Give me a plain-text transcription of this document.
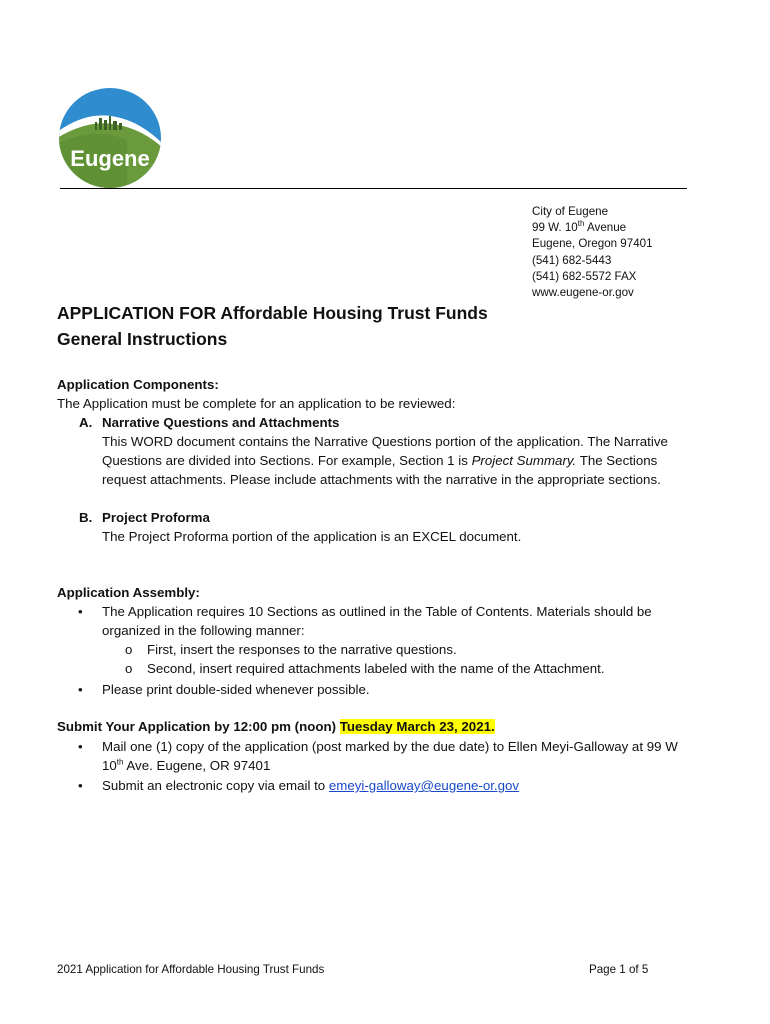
Eugene
City of Eugene
99 W. 10th Avenue
Eugene, Oregon 97401
(541) 682-5443
(541) 682-5572 FAX
www.eugene-or.gov
APPLICATION FOR Affordable Housing Trust Funds
General Instructions
Application Components:
The Application must be complete for an application to be reviewed:
A. Narrative Questions and Attachments
This WORD document contains the Narrative Questions portion of the application. The Narrative
Questions are divided into Sections. For example, Section 1 is Project Summary. The Sections
request attachments. Please include attachments with the narrative in the appropriate sections.
B. Project Proforma
The Project Proforma portion of the application is an EXCEL document.
Application Assembly:
• The Application requires 10 Sections as outlined in the Table of Contents. Materials should be
organized in the following manner:
o First, insert the responses to the narrative questions.
o Second, insert required attachments labeled with the name of the Attachment.
• Please print double-sided whenever possible.
Submit Your Application by 12:00 pm (noon) Tuesday March 23, 2021.
• Mail one (1) copy of the application (post marked by the due date) to Ellen Meyi-Galloway at 99 W
10th Ave. Eugene, OR 97401
• Submit an electronic copy via email to emeyi-galloway@eugene-or.gov
2021 Application for Affordable Housing Trust Funds	Page 1 of 5
